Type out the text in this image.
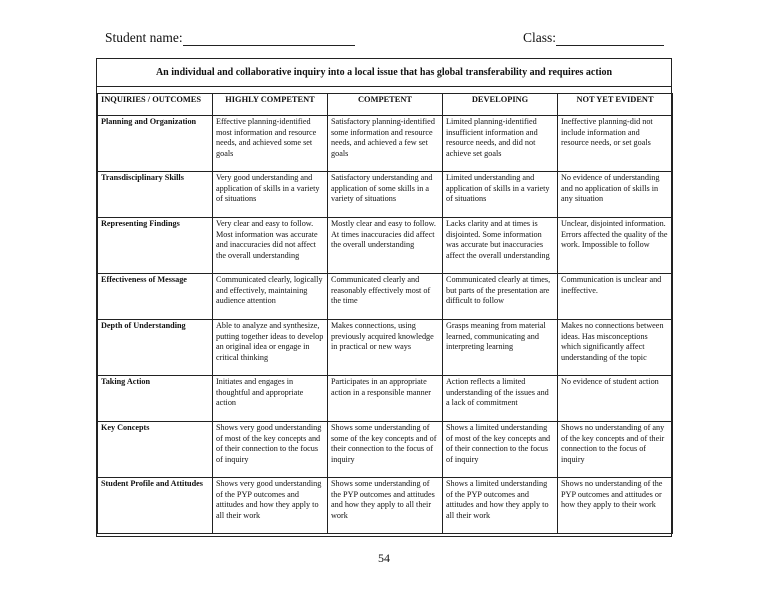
Student name:	Class:
An individual and collaborative inquiry into a local issue that has global transferability and requires action
INQUIRIES / OUTCOMES	HIGHLY COMPETENT	COMPETENT	DEVELOPING	NOT YET EVIDENT
Planning and Organization	Effective planning-identified most information and resource needs, and achieved some set goals	Satisfactory planning-identified some information and resource needs, and achieved a few set goals	Limited planning-identified insufficient information and resource needs, and did not achieve set goals	Ineffective planning-did not include information and resource needs, or set goals
Transdisciplinary Skills	Very good understanding and application of skills in a variety of situations	Satisfactory understanding and application of some skills in a variety of situations	Limited understanding and application of skills in a variety of situations	No evidence of understanding and no application of skills in any situation
Representing Findings	Very clear and easy to follow. Most information was accurate and inaccuracies did not affect the overall understanding	Mostly clear and easy to follow. At times inaccuracies did affect the overall understanding	Lacks clarity and at times is disjointed. Some information was accurate but inaccuracies affect the overall understanding	Unclear, disjointed information. Errors affected the quality of the work. Impossible to follow
Effectiveness of Message	Communicated clearly, logically and effectively, maintaining audience attention	Communicated clearly and reasonably effectively most of the time	Communicated clearly at times, but parts of the presentation are difficult to follow	Communication is unclear and ineffective.
Depth of Understanding	Able to analyze and synthesize, putting together ideas to develop an original idea or engage in critical thinking	Makes connections, using previously acquired knowledge in practical or new ways	Grasps meaning from material learned, communicating and interpreting learning	Makes no connections between ideas. Has misconceptions which significantly affect understanding of the topic
Taking Action	Initiates and engages in thoughtful and appropriate action	Participates in an appropriate action in a responsible manner	Action reflects a limited understanding of the issues and a lack of commitment	No evidence of student action
Key Concepts	Shows very good understanding of most of the key concepts and of their connection to the focus of inquiry	Shows some understanding of some of the key concepts and of their connection to the focus of inquiry	Shows a limited understanding of most of the key concepts and of their connection to the focus of inquiry	Shows no understanding of any of the key concepts and of their connection to the focus of inquiry
Student Profile and Attitudes	Shows very good understanding of the PYP outcomes and attitudes and how they apply to all their work	Shows some understanding of the PYP outcomes and attitudes and how they apply to all their work	Shows a limited understanding of the PYP outcomes and attitudes and how they apply to all their work	Shows no understanding of the PYP outcomes and attitudes or how they apply to their work
54
